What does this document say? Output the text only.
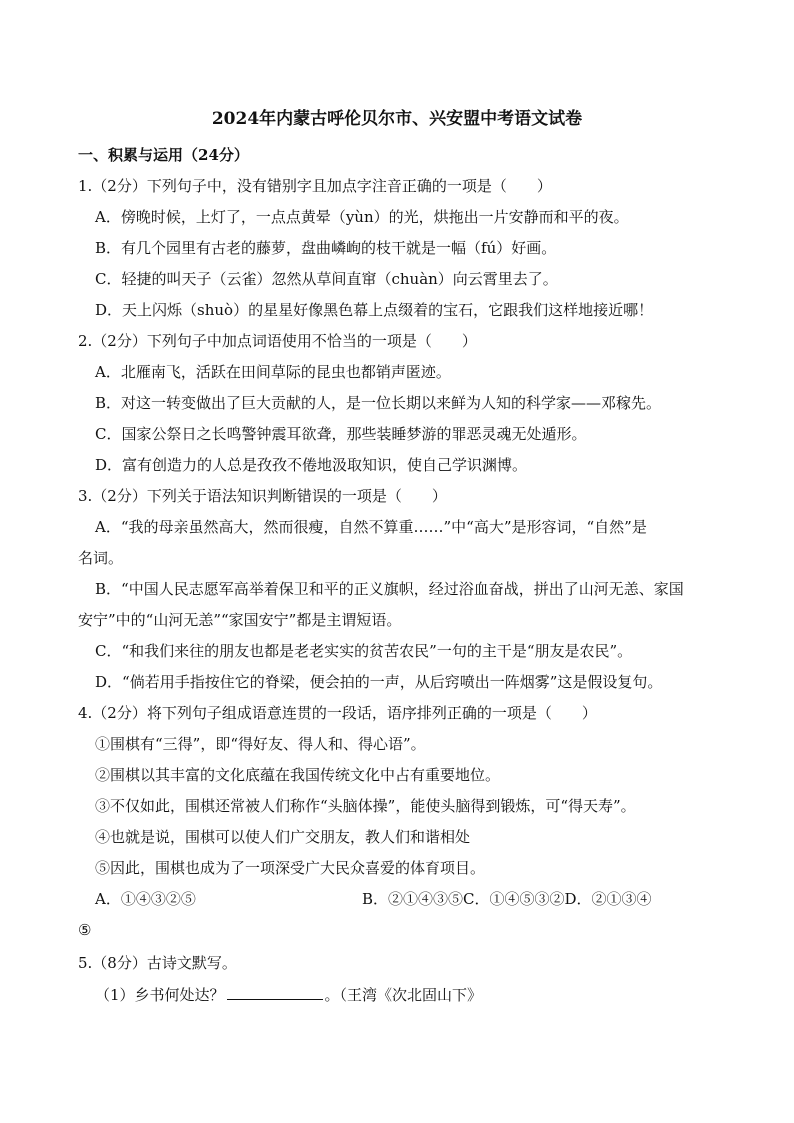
2024年内蒙古呼伦贝尔市、兴安盟中考语文试卷
一、积累与运用（24分）
1.（2分）下列句子中，没有错别字且加点字注音正确的一项是（　　）
A．傍晚时候，上灯了，一点点黄晕（yùn）的光，烘拖出一片安静而和平的夜。
B．有几个园里有古老的藤萝，盘曲嶙峋的枝干就是一幅（fú）好画。
C．轻捷的叫天子（云雀）忽然从草间直窜（chuàn）向云霄里去了。
D．天上闪烁（shuò）的星星好像黑色幕上点缀着的宝石，它跟我们这样地接近哪！
2.（2分）下列句子中加点词语使用不恰当的一项是（　　）
A．北雁南飞，活跃在田间草际的昆虫也都销声匿迹。
B．对这一转变做出了巨大贡献的人，是一位长期以来鲜为人知的科学家——邓稼先。
C．国家公祭日之长鸣警钟震耳欲聋，那些装睡梦游的罪恶灵魂无处遁形。
D．富有创造力的人总是孜孜不倦地汲取知识，使自己学识渊博。
3.（2分）下列关于语法知识判断错误的一项是（　　）
A．“我的母亲虽然高大，然而很瘦，自然不算重……”中“高大”是形容词，“自然”是
名词。
B．“中国人民志愿军高举着保卫和平的正义旗帜，经过浴血奋战，拼出了山河无恙、家国
安宁”中的“山河无恙”“家国安宁”都是主谓短语。
C．“和我们来往的朋友也都是老老实实的贫苦农民”一句的主干是“朋友是农民”。
D．“倘若用手指按住它的脊梁，便会拍的一声，从后窍喷出一阵烟雾”这是假设复句。
4.（2分）将下列句子组成语意连贯的一段话，语序排列正确的一项是（　　）
①围棋有“三得”，即“得好友、得人和、得心语”。
②围棋以其丰富的文化底蕴在我国传统文化中占有重要地位。
③不仅如此，围棋还常被人们称作“头脑体操”，能使头脑得到锻炼，可“得天寿”。
④也就是说，围棋可以使人们广交朋友，教人们和谐相处
⑤因此，围棋也成为了一项深受广大民众喜爱的体育项目。
A．①④③②⑤	B．②①④③⑤C．①④⑤③②D．②①③④
⑤
5.（8分）古诗文默写。
（1）乡书何处达？	。（王湾《次北固山下》
